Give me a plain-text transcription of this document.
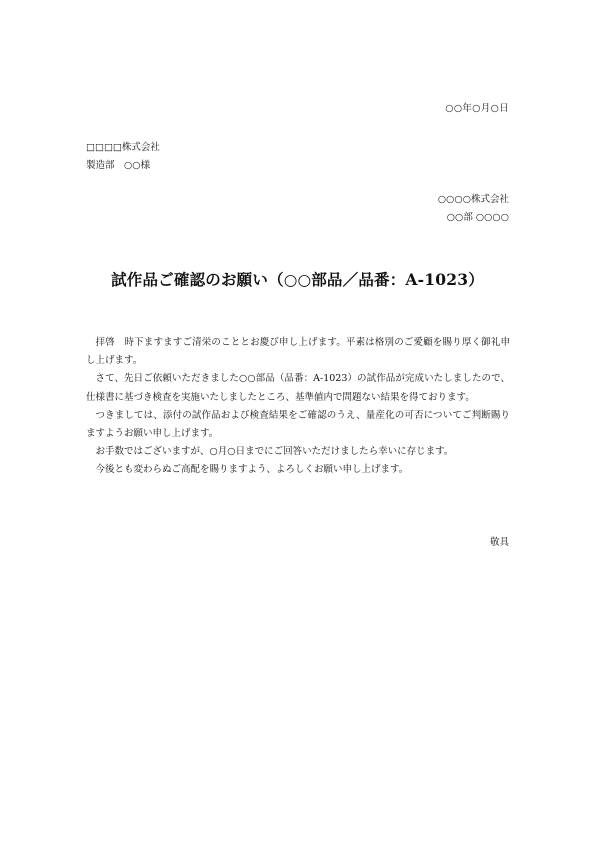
○○年○月○日
□□□□株式会社
製造部　○○様
○○○○株式会社
○○部 ○○○○
試作品ご確認のお願い（○○部品／品番：A-1023）

拝啓　時下ますますご清栄のこととお慶び申し上げます。平素は格別のご愛顧を賜り厚く御礼申し上げます。

さて、先日ご依頼いただきました○○部品（品番：A-1023）の試作品が完成いたしましたので、仕様書に基づき検査を実施いたしましたところ、基準値内で問題ない結果を得ております。

つきましては、添付の試作品および検査結果をご確認のうえ、量産化の可否についてご判断賜りますようお願い申し上げます。

お手数ではございますが、○月○日までにご回答いただけましたら幸いに存じます。

今後とも変わらぬご高配を賜りますよう、よろしくお願い申し上げます。

敬具
